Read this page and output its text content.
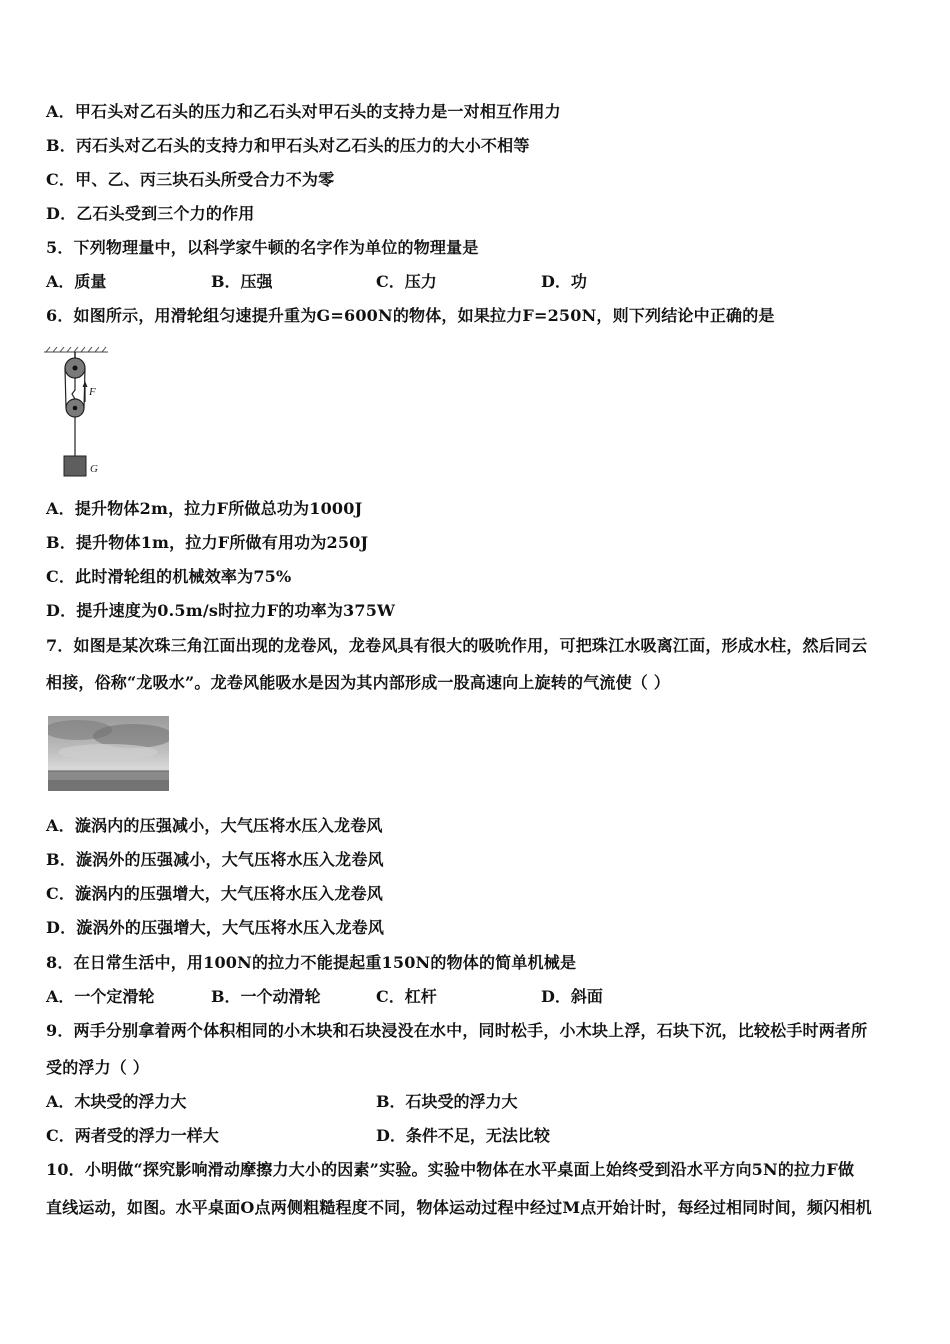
A．甲石头对乙石头的压力和乙石头对甲石头的支持力是一对相互作用力
B．丙石头对乙石头的支持力和甲石头对乙石头的压力的大小不相等
C．甲、乙、丙三块石头所受合力不为零
D．乙石头受到三个力的作用
5．下列物理量中，以科学家牛顿的名字作为单位的物理量是
A．质量	B．压强	C．压力	D．功
6．如图所示，用滑轮组匀速提升重为G=600N的物体，如果拉力F=250N，则下列结论中正确的是
F
G
A．提升物体2m，拉力F所做总功为1000J
B．提升物体1m，拉力F所做有用功为250J
C．此时滑轮组的机械效率为75%
D．提升速度为0.5m/s时拉力F的功率为375W
7．如图是某次珠三角江面出现的龙卷风，龙卷风具有很大的吸吮作用，可把珠江水吸离江面，形成水柱，然后同云
相接，俗称“龙吸水”。龙卷风能吸水是因为其内部形成一股高速向上旋转的气流使（ ）
A．漩涡内的压强减小，大气压将水压入龙卷风
B．漩涡外的压强减小，大气压将水压入龙卷风
C．漩涡内的压强增大，大气压将水压入龙卷风
D．漩涡外的压强增大，大气压将水压入龙卷风
8．在日常生活中，用100N的拉力不能提起重150N的物体的简单机械是
A．一个定滑轮	B．一个动滑轮	C．杠杆	D．斜面
9．两手分别拿着两个体积相同的小木块和石块浸没在水中，同时松手，小木块上浮，石块下沉，比较松手时两者所
受的浮力（ ）
A．木块受的浮力大	B．石块受的浮力大
C．两者受的浮力一样大	D．条件不足，无法比较
10．小明做“探究影响滑动摩擦力大小的因素”实验。实验中物体在水平桌面上始终受到沿水平方向5N的拉力F做
直线运动，如图。水平桌面O点两侧粗糙程度不同，物体运动过程中经过M点开始计时，每经过相同时间，频闪相机
